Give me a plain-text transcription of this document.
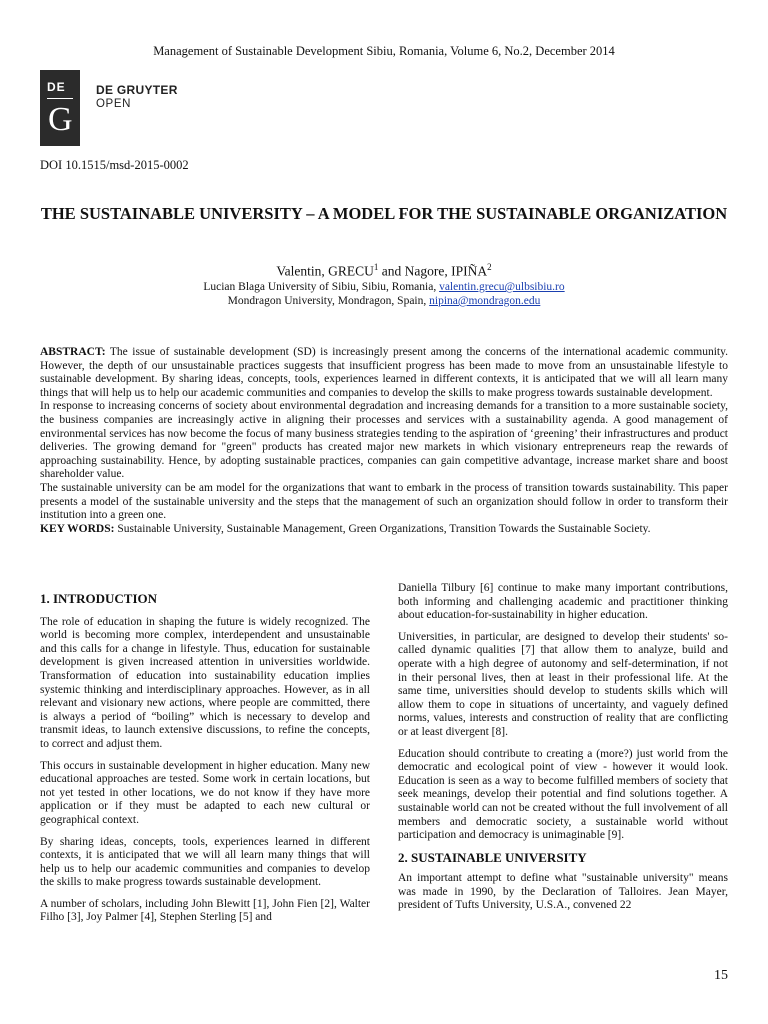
Management of Sustainable Development Sibiu, Romania, Volume 6, No.2, December 2014
DE
G
DE GRUYTER
OPEN
DOI 10.1515/msd-2015-0002
THE SUSTAINABLE UNIVERSITY – A MODEL FOR THE SUSTAINABLE ORGANIZATION
Valentin, GRECU$^1$ and Nagore, IPIÑA$^2$
Lucian Blaga University of Sibiu, Sibiu, Romania, valentin.grecu@ulbsibiu.ro
Mondragon University, Mondragon, Spain, nipina@mondragon.edu

ABSTRACT: The issue of sustainable development (SD) is increasingly present among the concerns of the international academic community. However, the depth of our unsustainable practices suggests that insufficient progress has been made to move from an unsustainable lifestyle to sustainable development. By sharing ideas, concepts, tools, experiences learned in different contexts, it is anticipated that we will all learn many things that will help us to help our academic communities and companies to develop the skills to make progress towards sustainable development.

In response to increasing concerns of society about environmental degradation and increasing demands for a transition to a more sustainable society, the business companies are increasingly active in aligning their processes and services with a sustainability agenda. A good management of environmental services has now become the focus of many business strategies tending to the aspiration of ‘greening’ their infrastructures and product deliveries. The growing demand for "green" products has created major new markets in which visionary entrepreneurs reap the rewards of approaching sustainability. Hence, by adopting sustainable practices, companies can gain competitive advantage, increase market share and boost shareholder value.

The sustainable university can be am model for the organizations that want to embark in the process of transition towards sustainability. This paper presents a model of the sustainable university and the steps that the management of such an organization should follow in order to transform their institution into a green one.

KEY WORDS: Sustainable University, Sustainable Management, Green Organizations, Transition Towards the Sustainable Society.

1. INTRODUCTION

The role of education in shaping the future is widely recognized. The world is becoming more complex, interdependent and unsustainable and this calls for a change in lifestyle. Thus, education for sustainable development is given increased attention in universities worldwide. Transformation of education into sustainability education implies systemic thinking and interdisciplinary approaches. However, as in all relevant and visionary new actions, where people are committed, there is always a period of “boiling” which is necessary to develop and transmit ideas, to launch extensive discussions, to refine the concepts, to correct and adjust them.

This occurs in sustainable development in higher education. Many new educational approaches are tested. Some work in certain locations, but not yet tested in other locations, we do not know if they have more application or if they must be adapted to each new cultural or geographical context.

By sharing ideas, concepts, tools, experiences learned in different contexts, it is anticipated that we will all learn many things that will help us to help our academic communities and companies to develop the skills to make progress towards sustainable development.

A number of scholars, including John Blewitt [1], John Fien [2], Walter Filho [3], Joy Palmer [4], Stephen Sterling [5] and

Daniella Tilbury [6] continue to make many important contributions, both informing and challenging academic and practitioner thinking about education-for-sustainability in higher education.

Universities, in particular, are designed to develop their students' so-called dynamic qualities [7] that allow them to analyze, build and operate with a high degree of autonomy and self-determination, if not in their personal lives, then at least in their professional life. At the same time, universities should develop to students skills which will allow them to cope in situations of uncertainty, and vaguely defined norms, values, interests and construction of reality that are conflicting or at least divergent [8].

Education should contribute to creating a (more?) just world from the democratic and ecological point of view - however it would look. Education is seen as a way to become fulfilled members of society that seek meanings, develop their potential and find solutions together. A sustainable world can not be created without the full involvement of all members and democratic society, a sustainable world without participation and democracy is unimaginable [9].

2. SUSTAINABLE UNIVERSITY

An important attempt to define what "sustainable university" means was made in 1990, by the Declaration of Talloires. Jean Mayer, president of Tufts University, U.S.A., convened 22

15
